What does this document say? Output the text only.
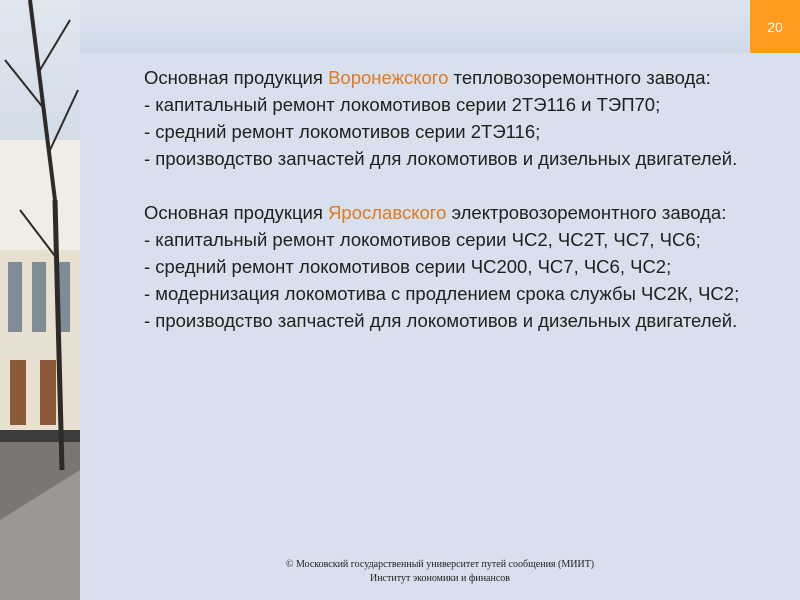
20

Основная продукция Воронежского тепловозоремонтного завода:

- капитальный ремонт локомотивов серии 2ТЭ116 и ТЭП70;

- средний ремонт локомотивов серии 2ТЭ116;

- производство запчастей для локомотивов и дизельных двигателей.

Основная продукция Ярославского электровозоремонтного завода:

- капитальный ремонт локомотивов серии ЧС2, ЧС2Т, ЧС7, ЧС6;

- средний ремонт локомотивов серии ЧС200, ЧС7, ЧС6, ЧС2;

- модернизация локомотива с продлением срока службы ЧС2К, ЧС2;

- производство запчастей для локомотивов и дизельных двигателей.

© Московский государственный университет путей сообщения (МИИТ)
Институт экономики и финансов
